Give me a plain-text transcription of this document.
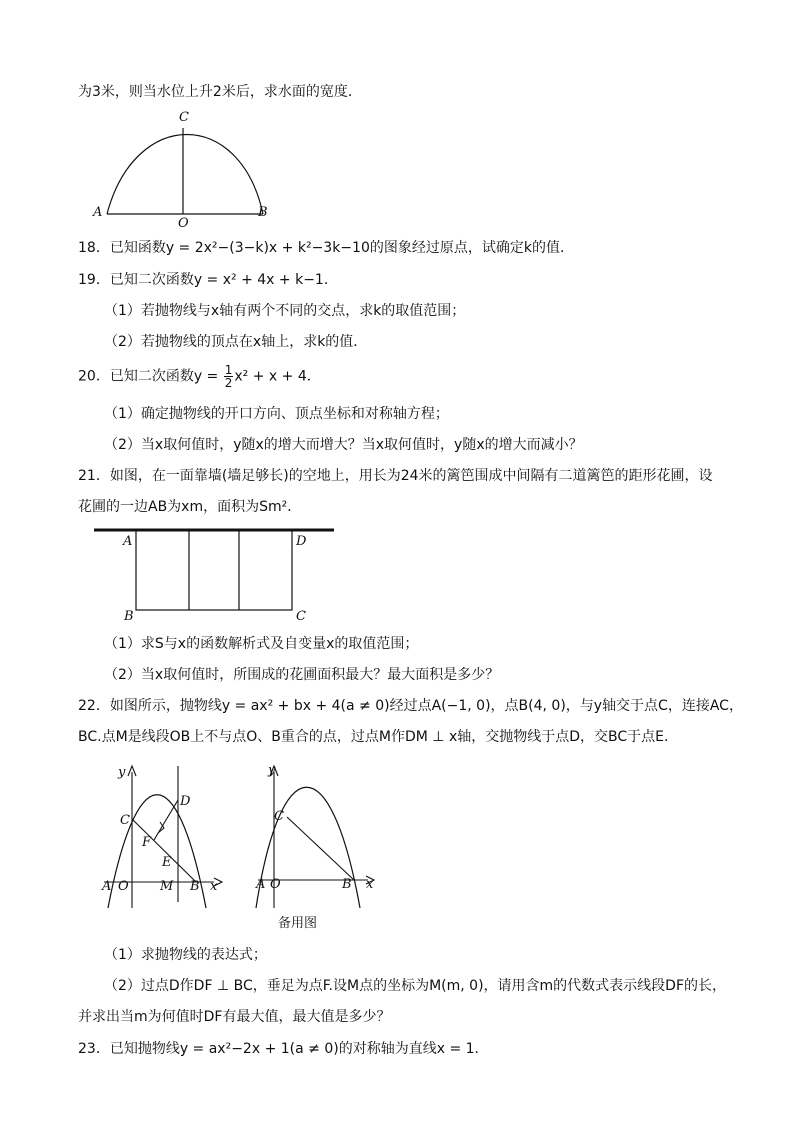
为3米，则当水位上升2米后，求水面的宽度．
C
A
O
B
18．已知函数y = 2x²−(3−k)x + k²−3k−10的图象经过原点，试确定k的值．
19．已知二次函数y = x² + 4x + k−1．
（1）若抛物线与x轴有两个不同的交点，求k的取值范围；
（2）若抛物线的顶点在x轴上，求k的值．
20．已知二次函数$y = \frac{1}{2} x^2 + x + 4$．
（1）确定抛物线的开口方向、顶点坐标和对称轴方程；
（2）当x取何值时，y随x的增大而增大？当x取何值时，y随x的增大而减小？
21．如图，在一面靠墙(墙足够长)的空地上，用长为24米的篱笆围成中间隔有二道篱笆的距形花圃，设
花圃的一边AB为xm，面积为Sm²．
A	D
B	C
（1）求S与x的函数解析式及自变量x的取值范围；
（2）当x取何值时，所围成的花圃面积最大？最大面积是多少？
22．如图所示，抛物线y = ax² + bx + 4(a ≠ 0)经过点A(−1, 0)，点B(4, 0)，与y轴交于点C，连接AC，
BC.点M是线段OB上不与点O、B重合的点，过点M作DM ⊥ x轴，交抛物线于点D，交BC于点E．
y
C
D
F
E
A O M B x
y
C
A O	B x
备用图
（1）求抛物线的表达式；
（2）过点D作DF ⊥ BC，垂足为点F.设M点的坐标为M(m, 0)，请用含m的代数式表示线段DF的长，
并求出当m为何值时DF有最大值，最大值是多少？
23．已知抛物线y = ax²−2x + 1(a ≠ 0)的对称轴为直线x = 1．
